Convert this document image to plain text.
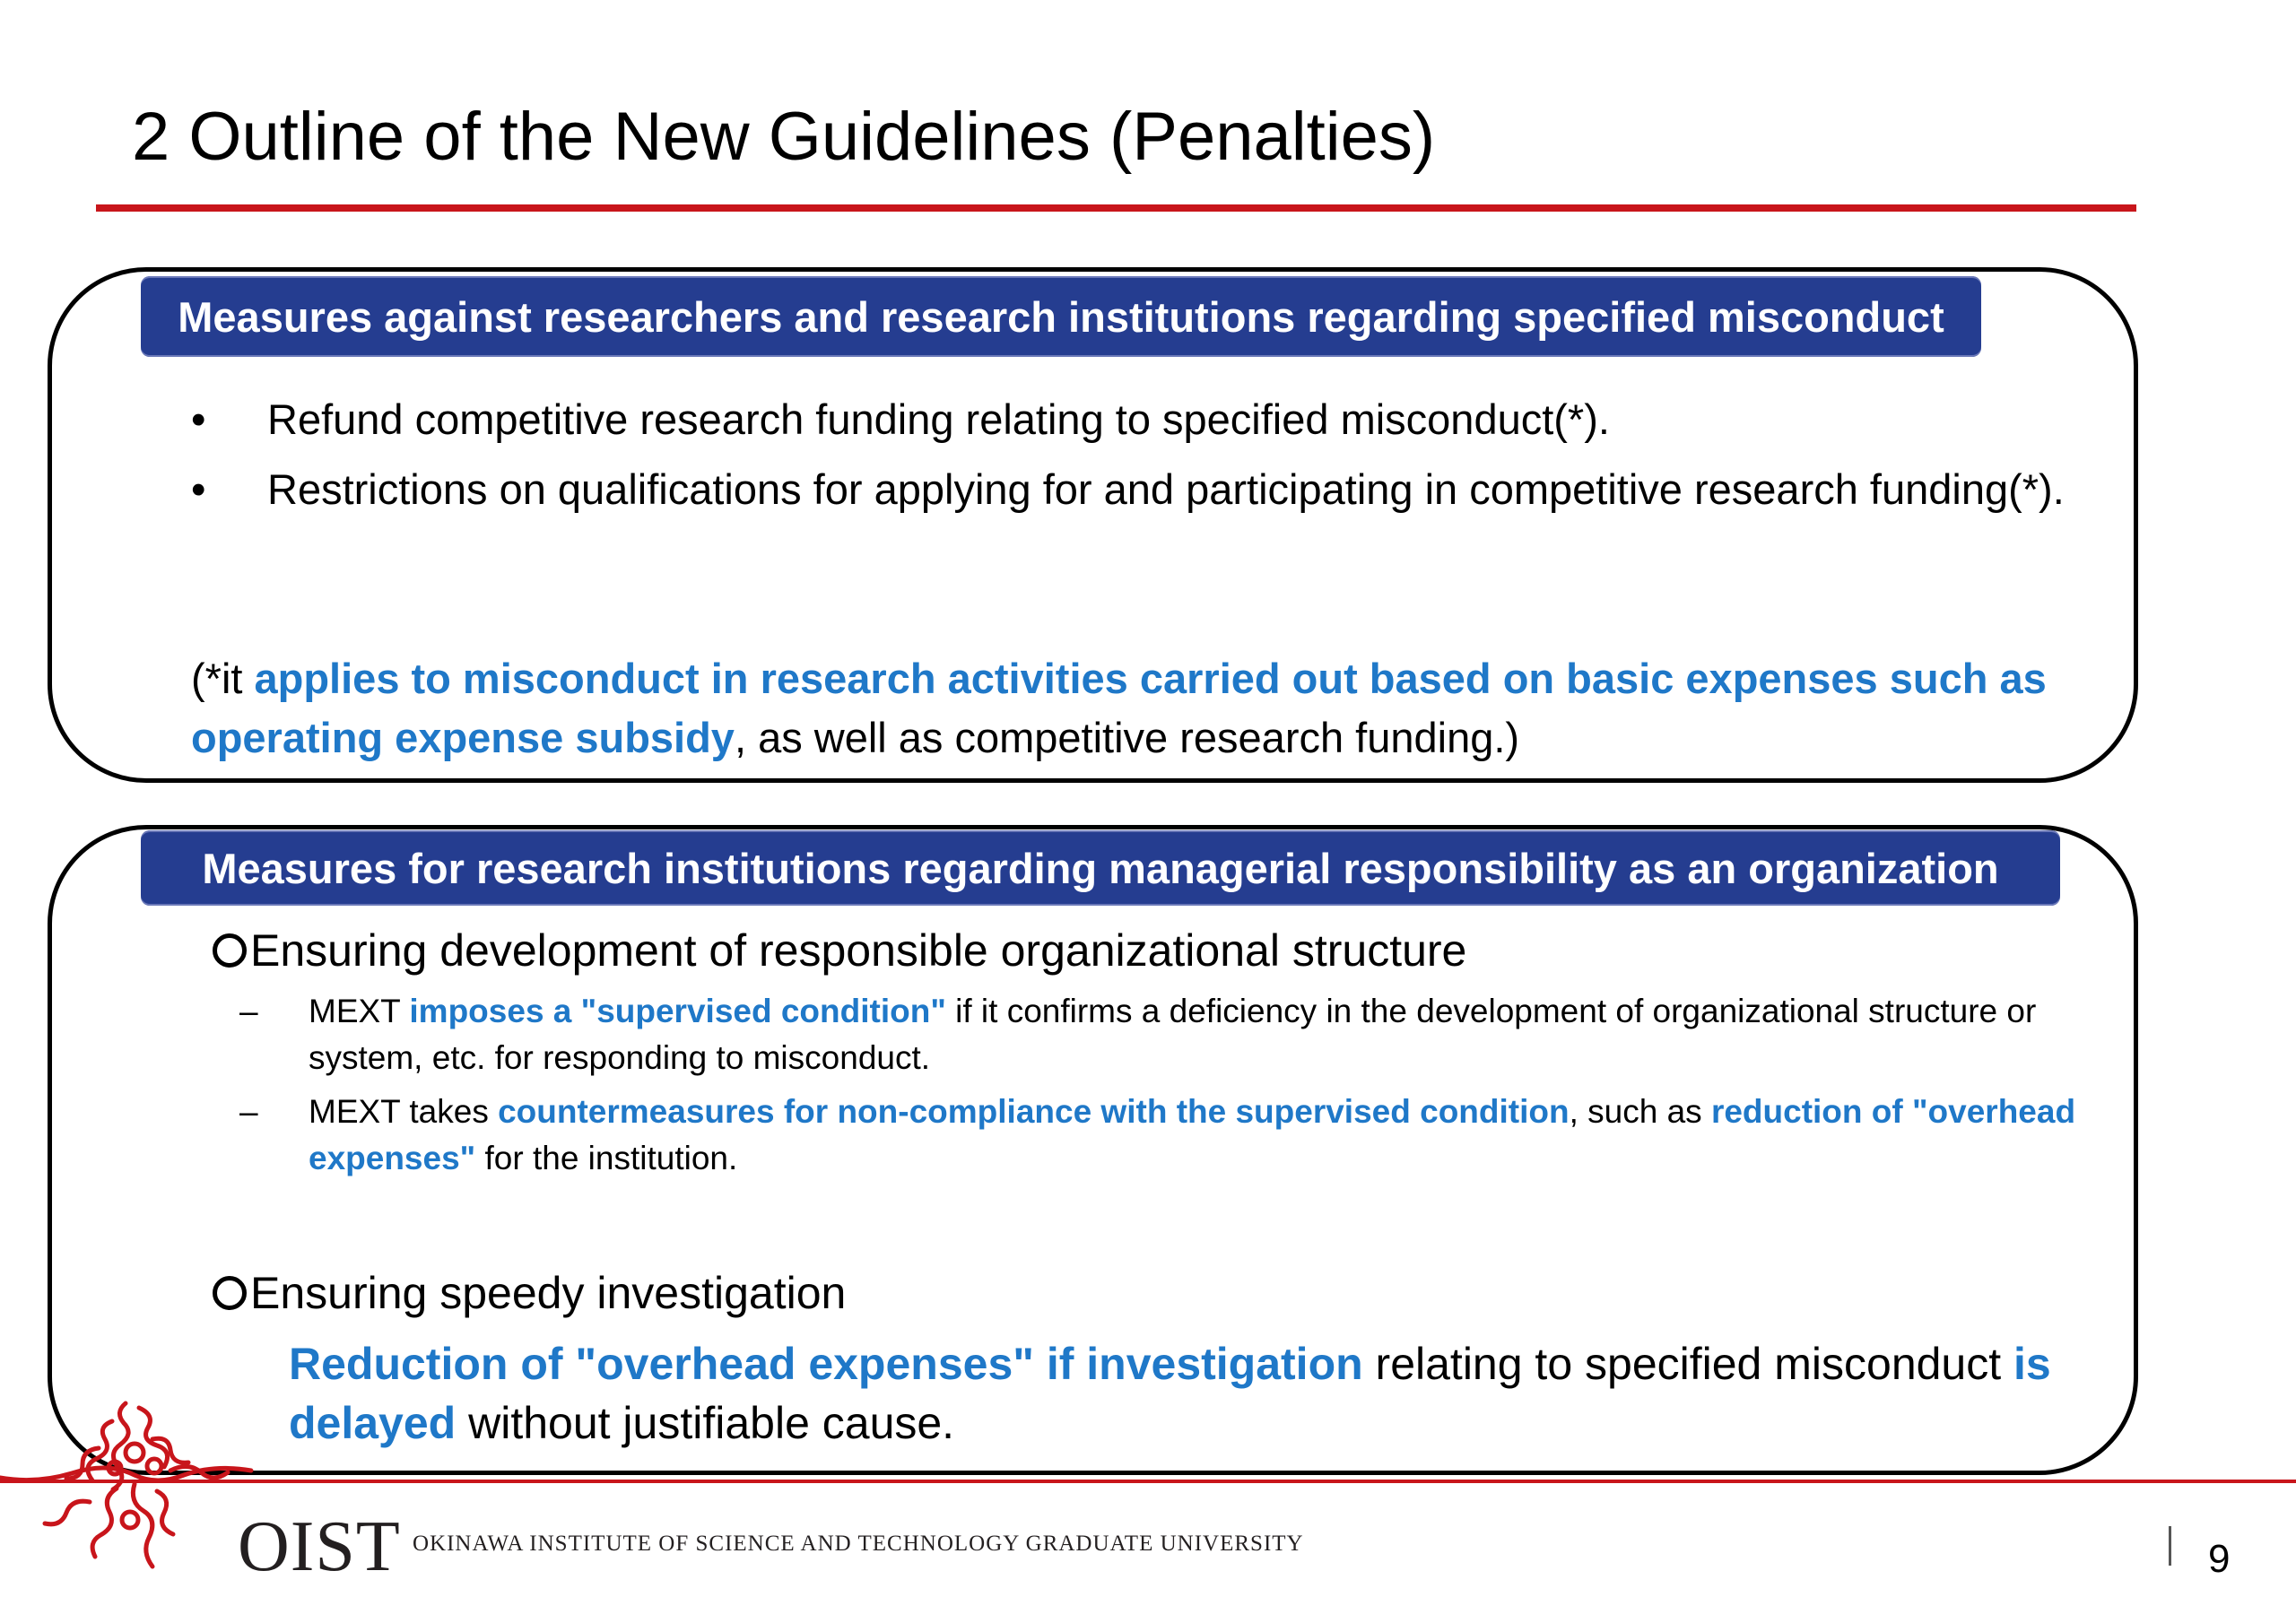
2 Outline of the New Guidelines (Penalties)
Measures against researchers and research institutions regarding specified misconduct
• Refund competitive research funding relating to specified misconduct(*).
• Restrictions on qualifications for applying for and participating in competitive research funding(*).
(*it applies to misconduct in research activities carried out based on basic expenses such as operating expense subsidy, as well as competitive research funding.)
Measures for research institutions regarding managerial responsibility as an organization
Ensuring development of responsible organizational structure
– MEXT imposes a "supervised condition" if it confirms a deficiency in the development of organizational structure or system, etc. for responding to misconduct.
– MEXT takes countermeasures for non-compliance with the supervised condition, such as reduction of "overhead expenses" for the institution.
Ensuring speedy investigation
Reduction of "overhead expenses" if investigation relating to specified misconduct is delayed without justifiable cause.
OIST OKINAWA INSTITUTE OF SCIENCE AND TECHNOLOGY GRADUATE UNIVERSITY	9
